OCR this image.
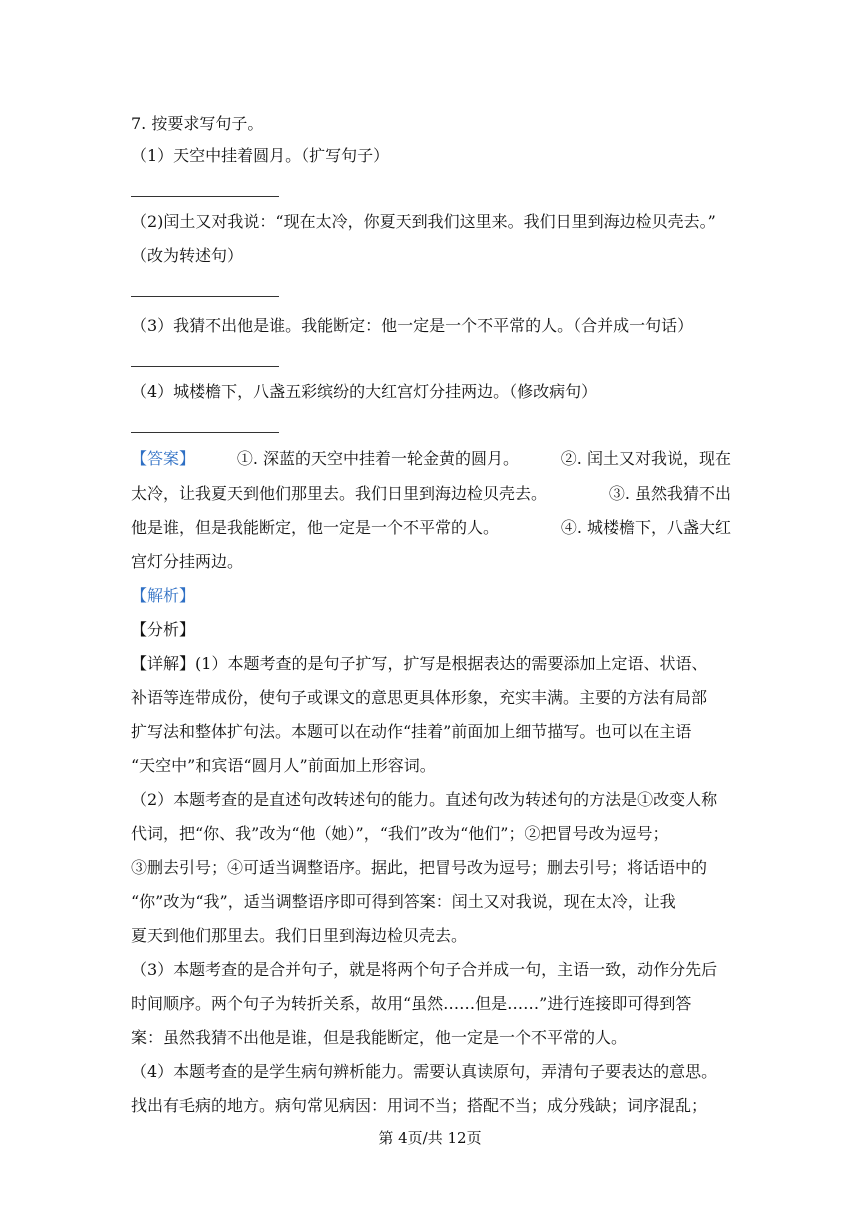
7. 按要求写句子。
（1）天空中挂着圆月。（扩写句子）
（2)闰土又对我说：“现在太冷，你夏天到我们这里来。我们日里到海边检贝壳去。”
（改为转述句）
（3）我猜不出他是谁。我能断定：他一定是一个不平常的人。（合并成一句话）
（4）城楼檐下，八盏五彩缤纷的大红宫灯分挂两边。（修改病句）
【答案】	①. 深蓝的天空中挂着一轮金黄的圆月。	②. 闰土又对我说，现在
太冷，让我夏天到他们那里去。我们日里到海边检贝壳去。	③. 虽然我猜不出
他是谁，但是我能断定，他一定是一个不平常的人。	④. 城楼檐下，八盏大红
宫灯分挂两边。
【解析】
【分析】
【详解】(1）本题考查的是句子扩写，扩写是根据表达的需要添加上定语、状语、
补语等连带成份，使句子或课文的意思更具体形象，充实丰满。主要的方法有局部
扩写法和整体扩句法。本题可以在动作“挂着”前面加上细节描写。也可以在主语
“天空中”和宾语“圆月人”前面加上形容词。
（2）本题考查的是直述句改转述句的能力。直述句改为转述句的方法是①改变人称
代词，把“你、我”改为“他（她）”，“我们”改为“他们”；②把冒号改为逗号；
③删去引号；④可适当调整语序。据此，把冒号改为逗号；删去引号；将话语中的
“你”改为“我”，适当调整语序即可得到答案：闰土又对我说，现在太冷，让我
夏天到他们那里去。我们日里到海边检贝壳去。
（3）本题考查的是合并句子，就是将两个句子合并成一句，主语一致，动作分先后
时间顺序。两个句子为转折关系，故用“虽然……但是……”进行连接即可得到答
案：虽然我猜不出他是谁，但是我能断定，他一定是一个不平常的人。
（4）本题考查的是学生病句辨析能力。需要认真读原句，弄清句子要表达的意思。
找出有毛病的地方。病句常见病因：用词不当；搭配不当；成分残缺；词序混乱；
第 4页/共 12页
